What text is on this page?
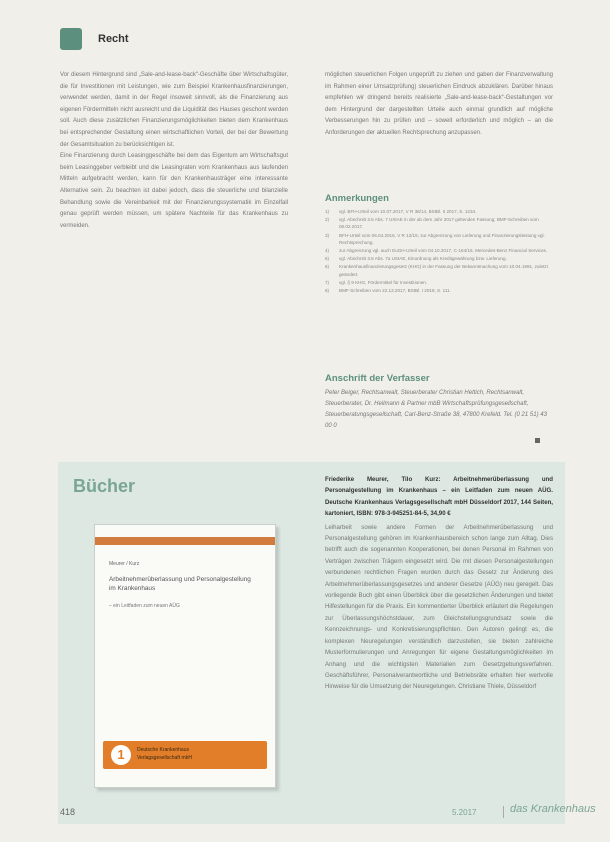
Recht

Vor diesem Hintergrund sind „Sale-and-lease-back“-Geschäfte über Wirtschaftsgüter, die für Investitionen mit Leistungen, wie zum Beispiel Krankenhausfinanzierungen, verwendet werden, damit in der Regel insoweit sinnvoll, als die Finanzierung aus eigenen Fördermitteln nicht ausreicht und die Liquidität des Hauses geschont werden soll. Auch diese zusätzlichen Finanzierungsmöglichkeiten bieten dem Krankenhaus bei entsprechender Gestaltung einen wirtschaftlichen Vorteil, der bei der Bewertung der Gesamtsituation zu berücksichtigen ist.

Eine Finanzierung durch Leasinggeschäfte bei dem das Eigentum am Wirtschaftsgut beim Leasinggeber verbleibt und die Leasingraten vom Krankenhaus aus laufenden Mitteln aufgebracht werden, kann für den Krankenhausträger eine interessante Alternative sein. Zu beachten ist dabei jedoch, dass die steuerliche und bilanzielle Behandlung sowie die Vereinbarkeit mit der Finanzierungssystematik im Einzelfall genau geprüft werden müssen, um spätere Nachteile für das Krankenhaus zu vermeiden.

möglichen steuerlichen Folgen ungeprüft zu ziehen und gaben der Finanzverwaltung im Rahmen einer Umsatzprüfung) steuerlichen Eindruck abzuklären. Darüber hinaus empfehlen wir dringend bereits realisierte „Sale-and-lease-back“-Gestaltungen vor dem Hintergrund der dargestellten Urteile auch einmal grundlich auf mögliche Verbesserungen hin zu prüfen und – soweit erforderlich und möglich – an die Anforderungen der aktuellen Rechtsprechung anzupassen.

Anmerkungen
1)	vgl. BFH-Urteil vom 10.07.2017, V R 38/14, BStBl. II 2017, S. 1234.
2)	vgl. Abschnitt 3.5 Abs. 7 UStAE in der ab dem Jahr 2017 geltenden Fassung; BMF-Schreiben vom 06.02.2017.
3)	BFH-Urteil vom 06.04.2016, V R 12/15; zur Abgrenzung von Lieferung und Finanzierungsleistung vgl. Rechtsprechung.
4)	zur Abgrenzung vgl. auch EuGH-Urteil vom 04.10.2017, C-164/16, Mercedes-Benz Financial Services.
5)	vgl. Abschnitt 3.5 Abs. 7a UStAE, Einordnung als Kreditgewährung bzw. Lieferung.
6)	Krankenhausfinanzierungsgesetz (KHG) in der Fassung der Bekanntmachung vom 10.04.1991, zuletzt geändert.
7)	vgl. § 9 KHG, Fördermittel für Investitionen.
8)	BMF-Schreiben vom 22.12.2017, BStBl. I 2018, S. 111.
Anschrift der Verfasser
Peter Beiger, Rechtsanwalt, Steuerberater Christian Hettich, Rechtsanwalt, Steuerberater, Dr. Heilmann & Partner mbB Wirtschaftsprüfungsgesellschaft, Steuerberatungsgesellschaft, Carl-Benz-Straße 38, 47800 Krefeld. Tel. (0 21 51) 43 00 0
Bücher
Meurer / Kurz
Arbeitnehmerüberlassung und Personalgestellung im Krankenhaus
– ein Leitfaden zum neuen AÜG
1	Deutsche Krankenhaus
Verlagsgesellschaft mbH

Friederike Meurer, Tilo Kurz: Arbeitnehmerüberlassung und Personalgestellung im Krankenhaus – ein Leitfaden zum neuen AÜG. Deutsche Krankenhaus Verlagsgesellschaft mbH Düsseldorf 2017, 144 Seiten, kartoniert, ISBN: 978-3-945251-84-5, 34,90 €

Leiharbeit sowie andere Formen der Arbeitnehmerüberlassung und Personalgestellung gehören im Krankenhausbereich schon lange zum Alltag. Dies betrifft auch die sogenannten Kooperationen, bei denen Personal im Rahmen von Verträgen zwischen Trägern eingesetzt wird. Die mit diesen Personalgestellungen verbundenen rechtlichen Fragen wurden durch das Gesetz zur Änderung des Arbeitnehmerüberlassungsgesetzes und anderer Gesetze (AÜG) neu geregelt. Das vorliegende Buch gibt einen Überblick über die gesetzlichen Änderungen und bietet Hilfestellungen für die Praxis. Ein kommentierter Überblick erläutert die Regelungen zur Überlassungshöchstdauer, zum Gleichstellungsgrundsatz sowie die Kennzeichnungs- und Konkretisierungspflichten. Den Autoren gelingt es, die komplexen Neuregelungen verständlich darzustellen, sie bieten zahlreiche Musterformulierungen und Anregungen für eigene Gestaltungsmöglichkeiten im Anhang und die wichtigsten Materialien zum Gesetzgebungsverfahren. Geschäftsführer, Personalverantwortliche und Betriebsräte erhalten hier wertvolle Hinweise für die Umsetzung der Neuregelungen. Christiane Thiele, Düsseldorf

418	5.2017	das Krankenhaus
